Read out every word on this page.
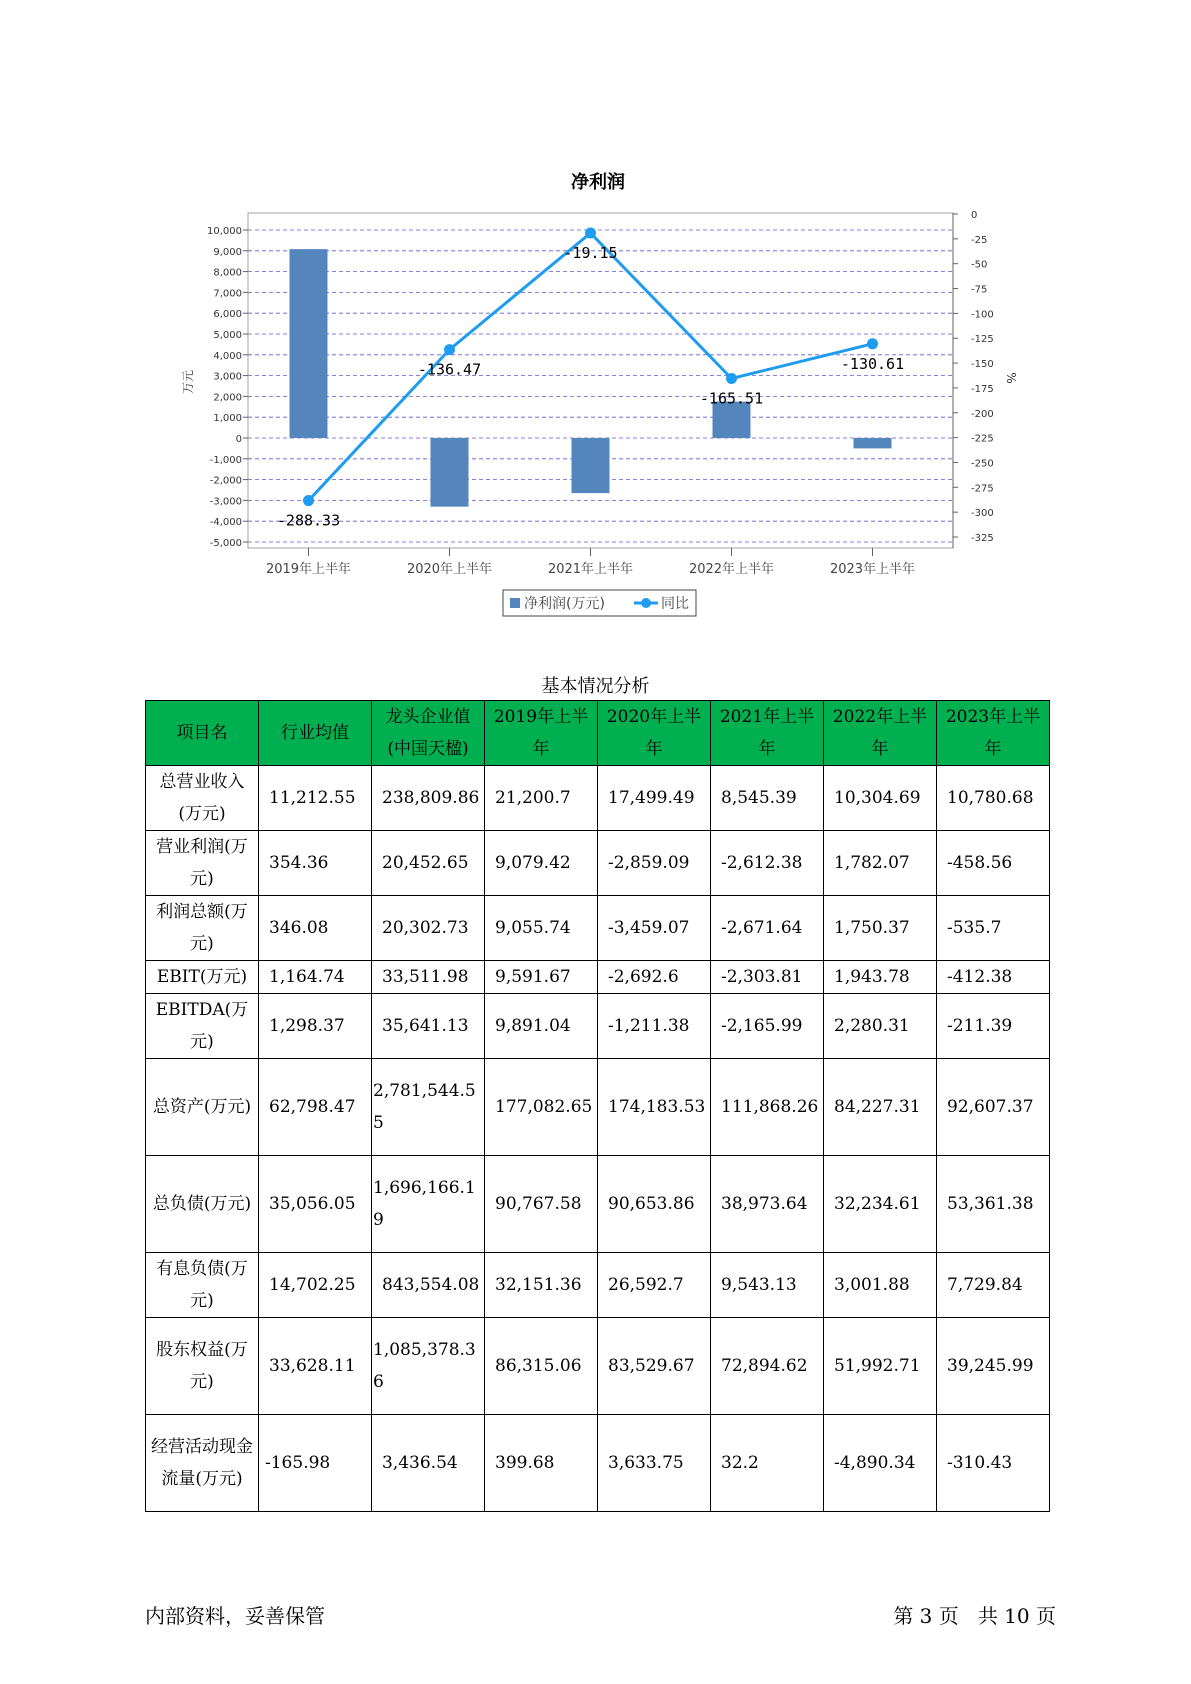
净利润
10,000
9,000
8,000
7,000
6,000
5,000
4,000
3,000
2,000
1,000
0
-1,000
-2,000
-3,000
-4,000
-5,000
0
-25
-50
-75
-100
-125
-150
-175
-200
-225
-250
-275
-300
-325
万元	%
2019年上半年	2020年上半年	2021年上半年	2022年上半年	2023年上半年
-288.33
-136.47
-19.15
-165.51
-130.61
净利润(万元)	同比
基本情况分析
项目名	行业均值	龙头企业值(中国天楹)	2019年上半年	2020年上半年	2021年上半年	2022年上半年	2023年上半年
总营业收入(万元)	11,212.55	238,809.86	21,200.7	17,499.49	8,545.39	10,304.69	10,780.68
营业利润(万元)	354.36	20,452.65	9,079.42	-2,859.09	-2,612.38	1,782.07	-458.56
利润总额(万元)	346.08	20,302.73	9,055.74	-3,459.07	-2,671.64	1,750.37	-535.7
EBIT(万元)	1,164.74	33,511.98	9,591.67	-2,692.6	-2,303.81	1,943.78	-412.38
EBITDA(万元)	1,298.37	35,641.13	9,891.04	-1,211.38	-2,165.99	2,280.31	-211.39
总资产(万元)	62,798.47	2,781,544.55	177,082.65	174,183.53	111,868.26	84,227.31	92,607.37
总负债(万元)	35,056.05	1,696,166.19	90,767.58	90,653.86	38,973.64	32,234.61	53,361.38
有息负债(万元)	14,702.25	843,554.08	32,151.36	26,592.7	9,543.13	3,001.88	7,729.84
股东权益(万元)	33,628.11	1,085,378.36	86,315.06	83,529.67	72,894.62	51,992.71	39,245.99
经营活动现金流量(万元)	-165.98	3,436.54	399.68	3,633.75	32.2	-4,890.34	-310.43
内部资料，妥善保管	第 3 页   共 10 页
